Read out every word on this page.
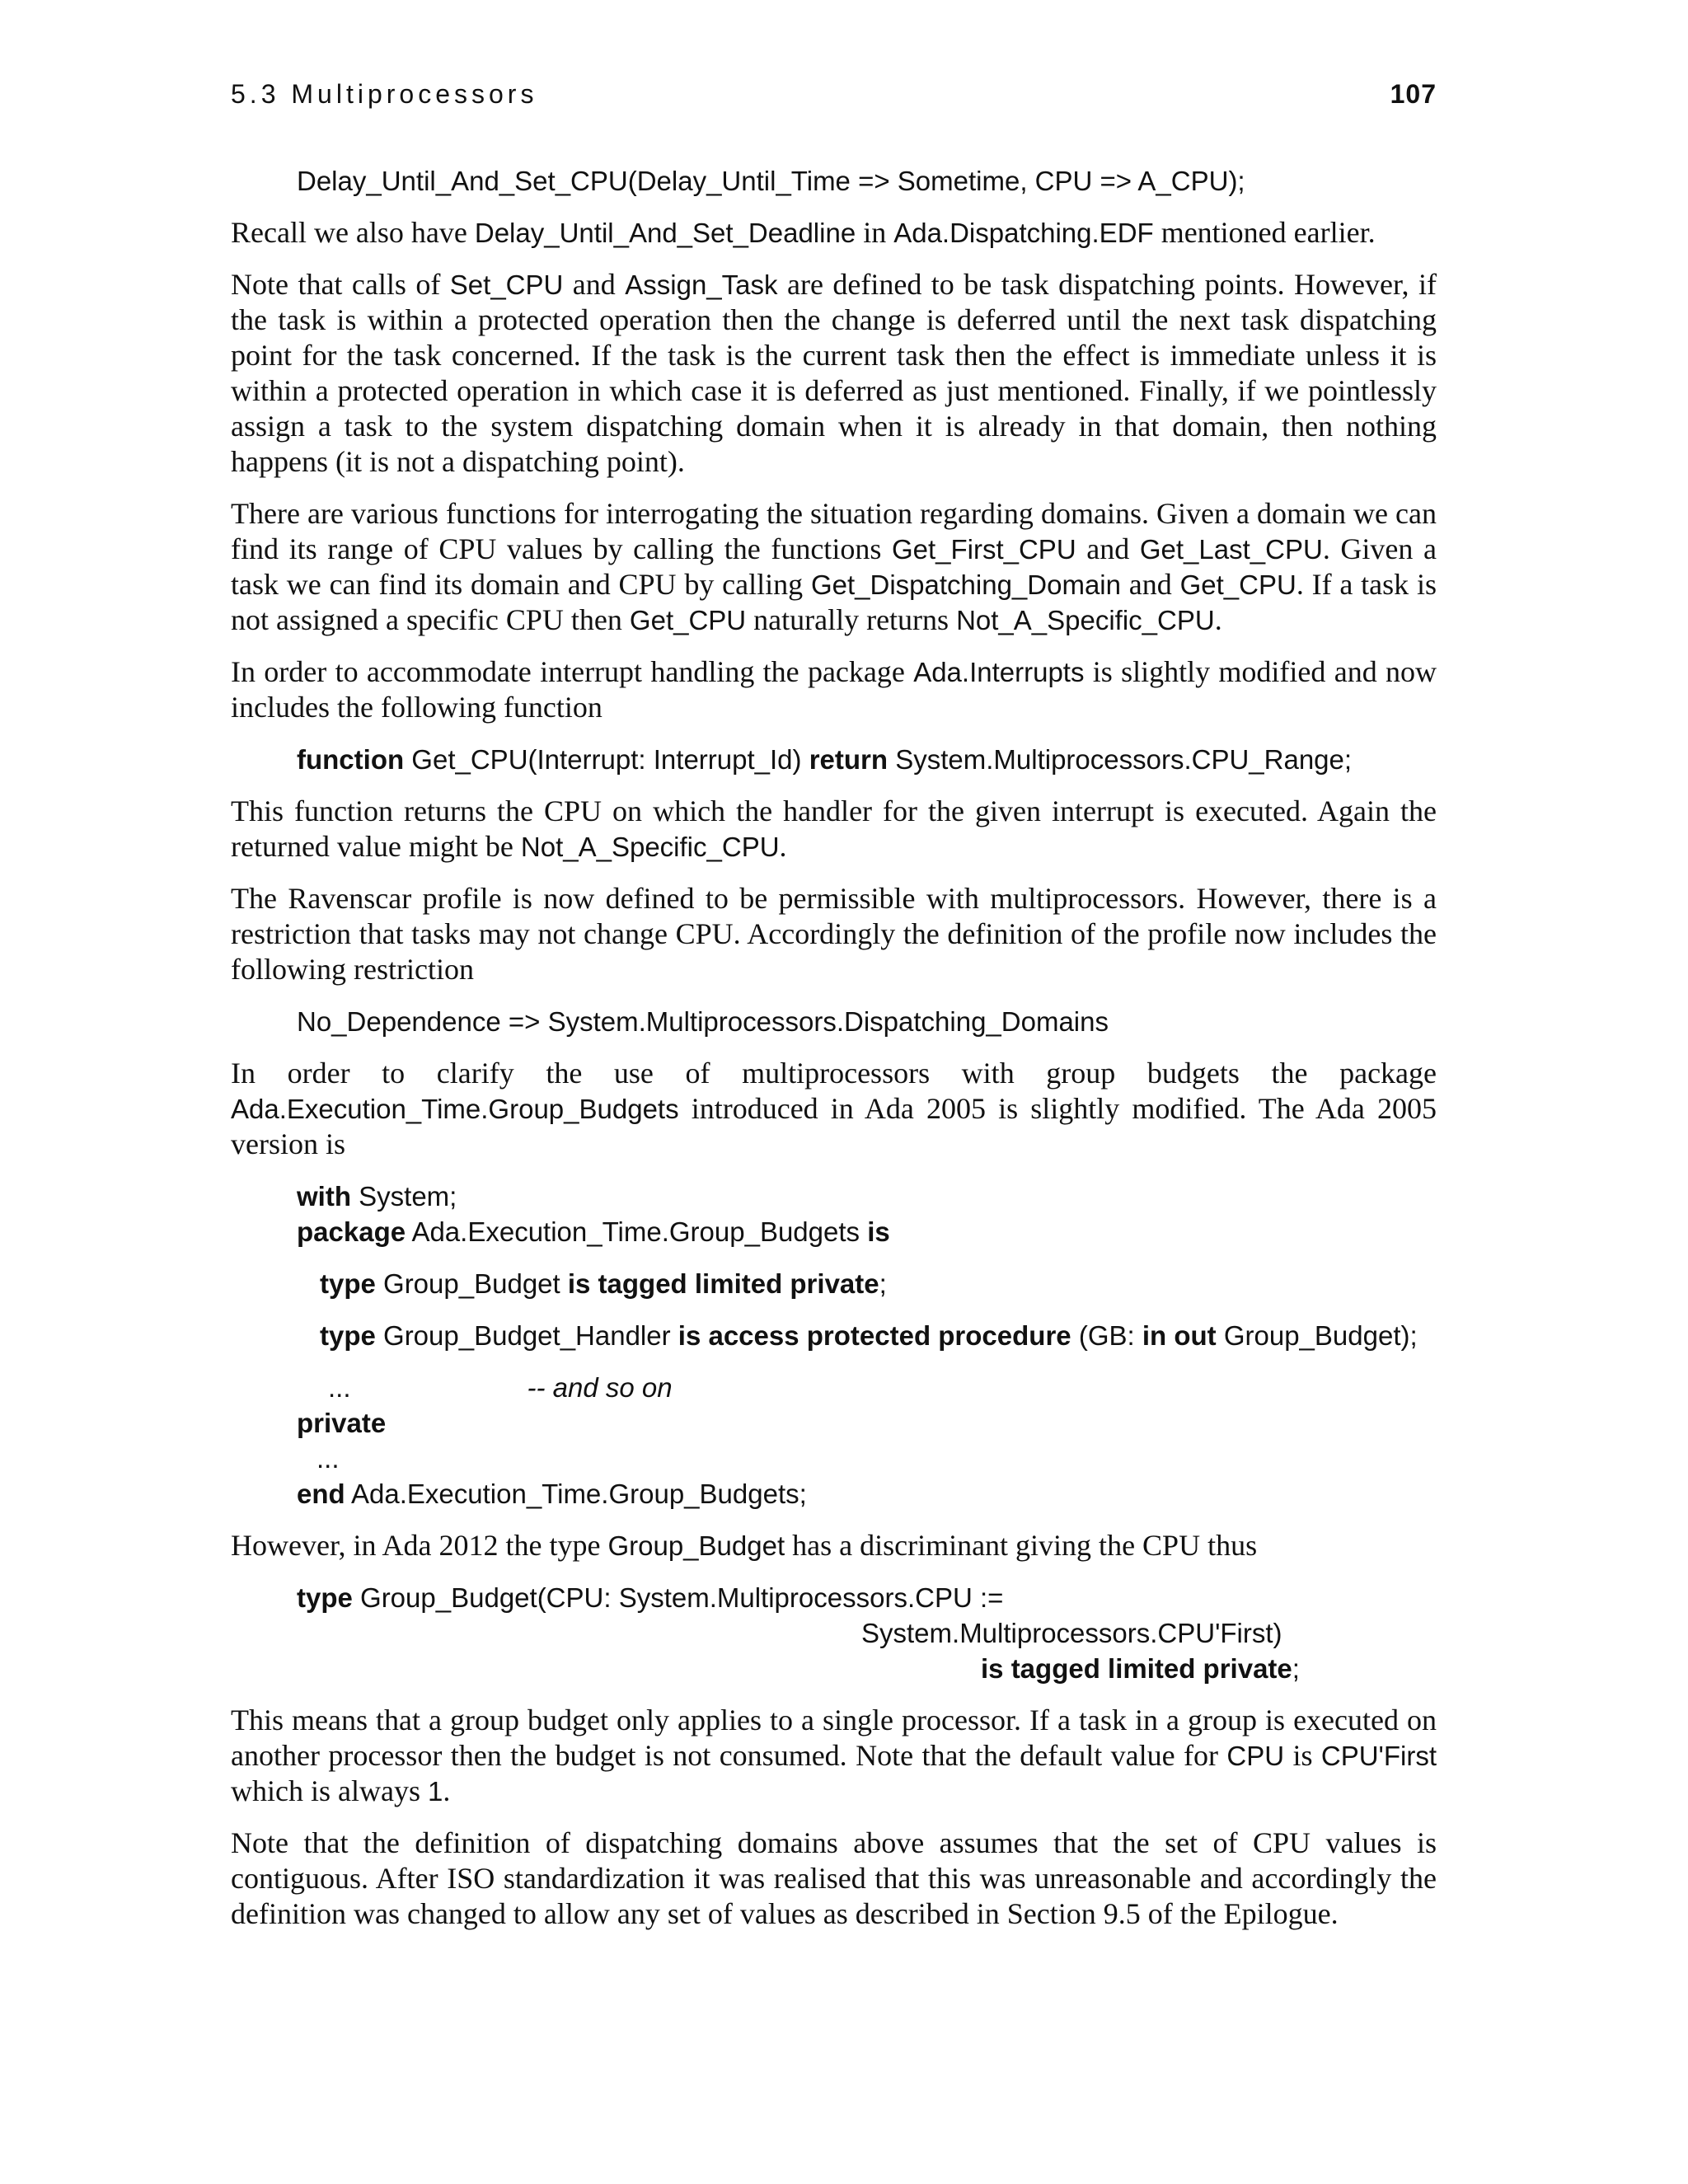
5.3 Multiprocessors	107
Delay_Until_And_Set_CPU(Delay_Until_Time => Sometime, CPU => A_CPU);

Recall we also have Delay_Until_And_Set_Deadline in Ada.Dispatching.EDF mentioned earlier.

Note that calls of Set_CPU and Assign_Task are defined to be task dispatching points. However, if the task is within a protected operation then the change is deferred until the next task dispatching point for the task concerned. If the task is the current task then the effect is immediate unless it is within a protected operation in which case it is deferred as just mentioned. Finally, if we pointlessly assign a task to the system dispatching domain when it is already in that domain, then nothing happens (it is not a dispatching point).

There are various functions for interrogating the situation regarding domains. Given a domain we can find its range of CPU values by calling the functions Get_First_CPU and Get_Last_CPU. Given a task we can find its domain and CPU by calling Get_Dispatching_Domain and Get_CPU. If a task is not assigned a specific CPU then Get_CPU naturally returns Not_A_Specific_CPU.

In order to accommodate interrupt handling the package Ada.Interrupts is slightly modified and now includes the following function

function Get_CPU(Interrupt: Interrupt_Id) return System.Multiprocessors.CPU_Range;

This function returns the CPU on which the handler for the given interrupt is executed. Again the returned value might be Not_A_Specific_CPU.

The Ravenscar profile is now defined to be permissible with multiprocessors. However, there is a restriction that tasks may not change CPU. Accordingly the definition of the profile now includes the following restriction

No_Dependence => System.Multiprocessors.Dispatching_Domains

In order to clarify the use of multiprocessors with group budgets the package Ada.Execution_Time.Group_Budgets introduced in Ada 2005 is slightly modified. The Ada 2005 version is

with System;
package Ada.Execution_Time.Group_Budgets is
type Group_Budget is tagged limited private;
type Group_Budget_Handler is access protected procedure (GB: in out Group_Budget);
...	-- and so on
private
...
end Ada.Execution_Time.Group_Budgets;

However, in Ada 2012 the type Group_Budget has a discriminant giving the CPU thus

type Group_Budget(CPU: System.Multiprocessors.CPU :=
System.Multiprocessors.CPU'First)
is tagged limited private;

This means that a group budget only applies to a single processor. If a task in a group is executed on another processor then the budget is not consumed. Note that the default value for CPU is CPU'First which is always 1.

Note that the definition of dispatching domains above assumes that the set of CPU values is contiguous. After ISO standardization it was realised that this was unreasonable and accordingly the definition was changed to allow any set of values as described in Section 9.5 of the Epilogue.
